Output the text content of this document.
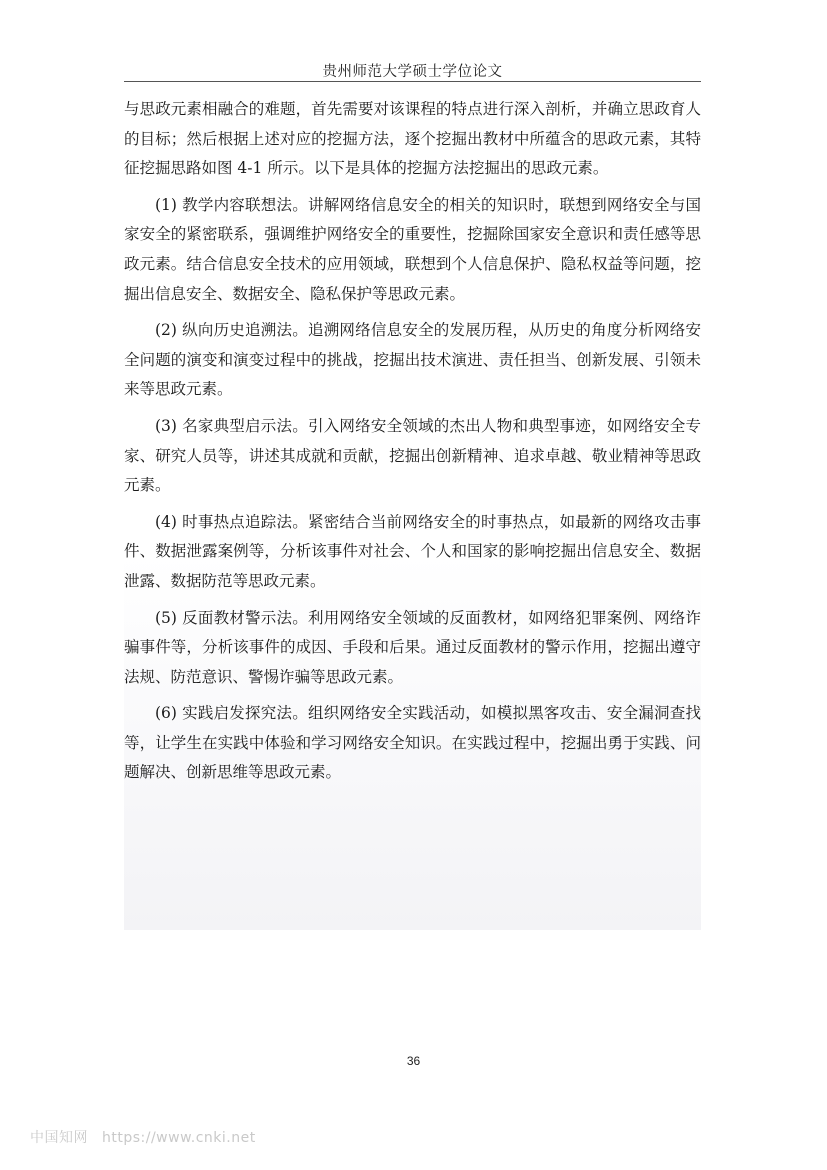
贵州师范大学硕士学位论文

与思政元素相融合的难题，首先需要对该课程的特点进行深入剖析，并确立思政育人的目标；然后根据上述对应的挖掘方法，逐个挖掘出教材中所蕴含的思政元素，其特征挖掘思路如图 4-1 所示。以下是具体的挖掘方法挖掘出的思政元素。

(1) 教学内容联想法。讲解网络信息安全的相关的知识时，联想到网络安全与国家安全的紧密联系，强调维护网络安全的重要性，挖掘除国家安全意识和责任感等思政元素。结合信息安全技术的应用领域，联想到个人信息保护、隐私权益等问题，挖掘出信息安全、数据安全、隐私保护等思政元素。

(2) 纵向历史追溯法。追溯网络信息安全的发展历程，从历史的角度分析网络安全问题的演变和演变过程中的挑战，挖掘出技术演进、责任担当、创新发展、引领未来等思政元素。

(3) 名家典型启示法。引入网络安全领域的杰出人物和典型事迹，如网络安全专家、研究人员等，讲述其成就和贡献，挖掘出创新精神、追求卓越、敬业精神等思政元素。

(4) 时事热点追踪法。紧密结合当前网络安全的时事热点，如最新的网络攻击事件、数据泄露案例等，分析该事件对社会、个人和国家的影响挖掘出信息安全、数据泄露、数据防范等思政元素。

(5) 反面教材警示法。利用网络安全领域的反面教材，如网络犯罪案例、网络诈骗事件等，分析该事件的成因、手段和后果。通过反面教材的警示作用，挖掘出遵守法规、防范意识、警惕诈骗等思政元素。

(6) 实践启发探究法。组织网络安全实践活动，如模拟黑客攻击、安全漏洞查找等，让学生在实践中体验和学习网络安全知识。在实践过程中，挖掘出勇于实践、问题解决、创新思维等思政元素。

36
中国知网 https://www.cnki.net
